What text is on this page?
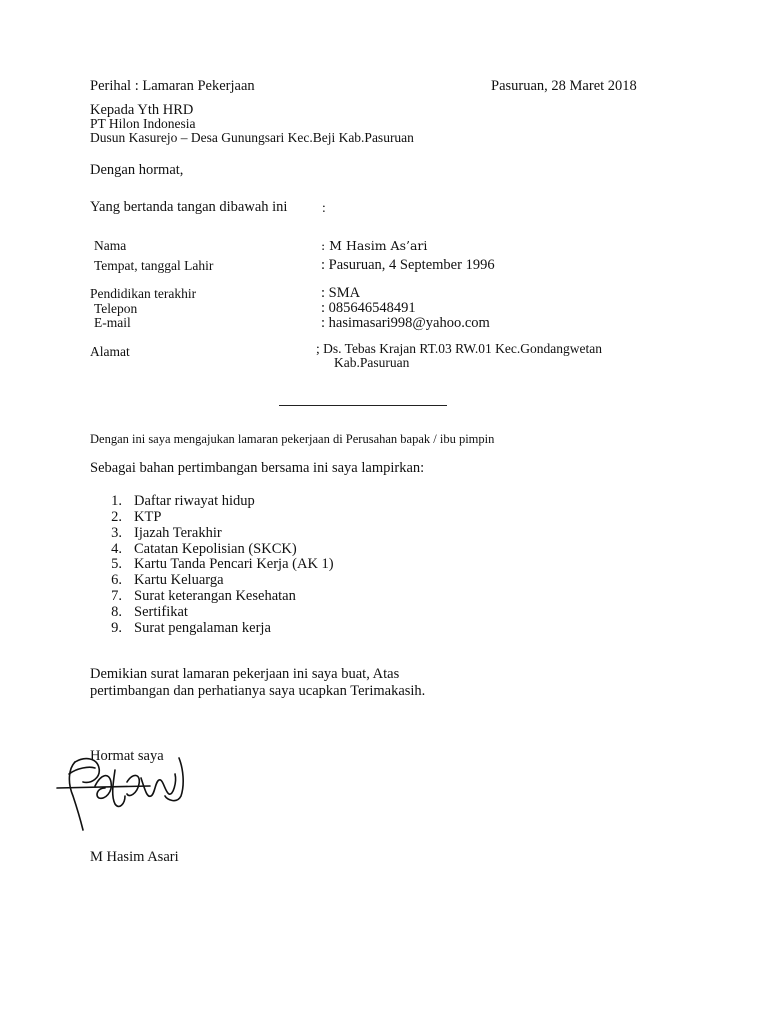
Perihal : Lamaran Pekerjaan	Pasuruan, 28 Maret 2018
Kepada Yth HRD
PT Hilon Indonesia
Dusun Kasurejo – Desa Gunungsari Kec.Beji Kab.Pasuruan
Dengan hormat,
Yang bertanda tangan dibawah ini	:
Nama	: M Hasim As’ari
Tempat, tanggal Lahir	: Pasuruan, 4 September 1996
Pendidikan terakhir	: SMA
Telepon	: 085646548491
E-mail	: hasimasari998@yahoo.com
Alamat	; Ds. Tebas Krajan RT.03 RW.01 Kec.Gondangwetan
Kab.Pasuruan
Dengan ini saya mengajukan lamaran pekerjaan di Perusahan bapak / ibu pimpin
Sebagai bahan pertimbangan bersama ini saya lampirkan:
1. Daftar riwayat hidup
2. KTP
3. Ijazah Terakhir
4. Catatan Kepolisian (SKCK)
5. Kartu Tanda Pencari Kerja (AK 1)
6. Kartu Keluarga
7. Surat keterangan Kesehatan
8. Sertifikat
9. Surat pengalaman kerja
Demikian surat lamaran pekerjaan ini saya buat, Atas
pertimbangan dan perhatianya saya ucapkan Terimakasih.
Hormat saya
M Hasim Asari
